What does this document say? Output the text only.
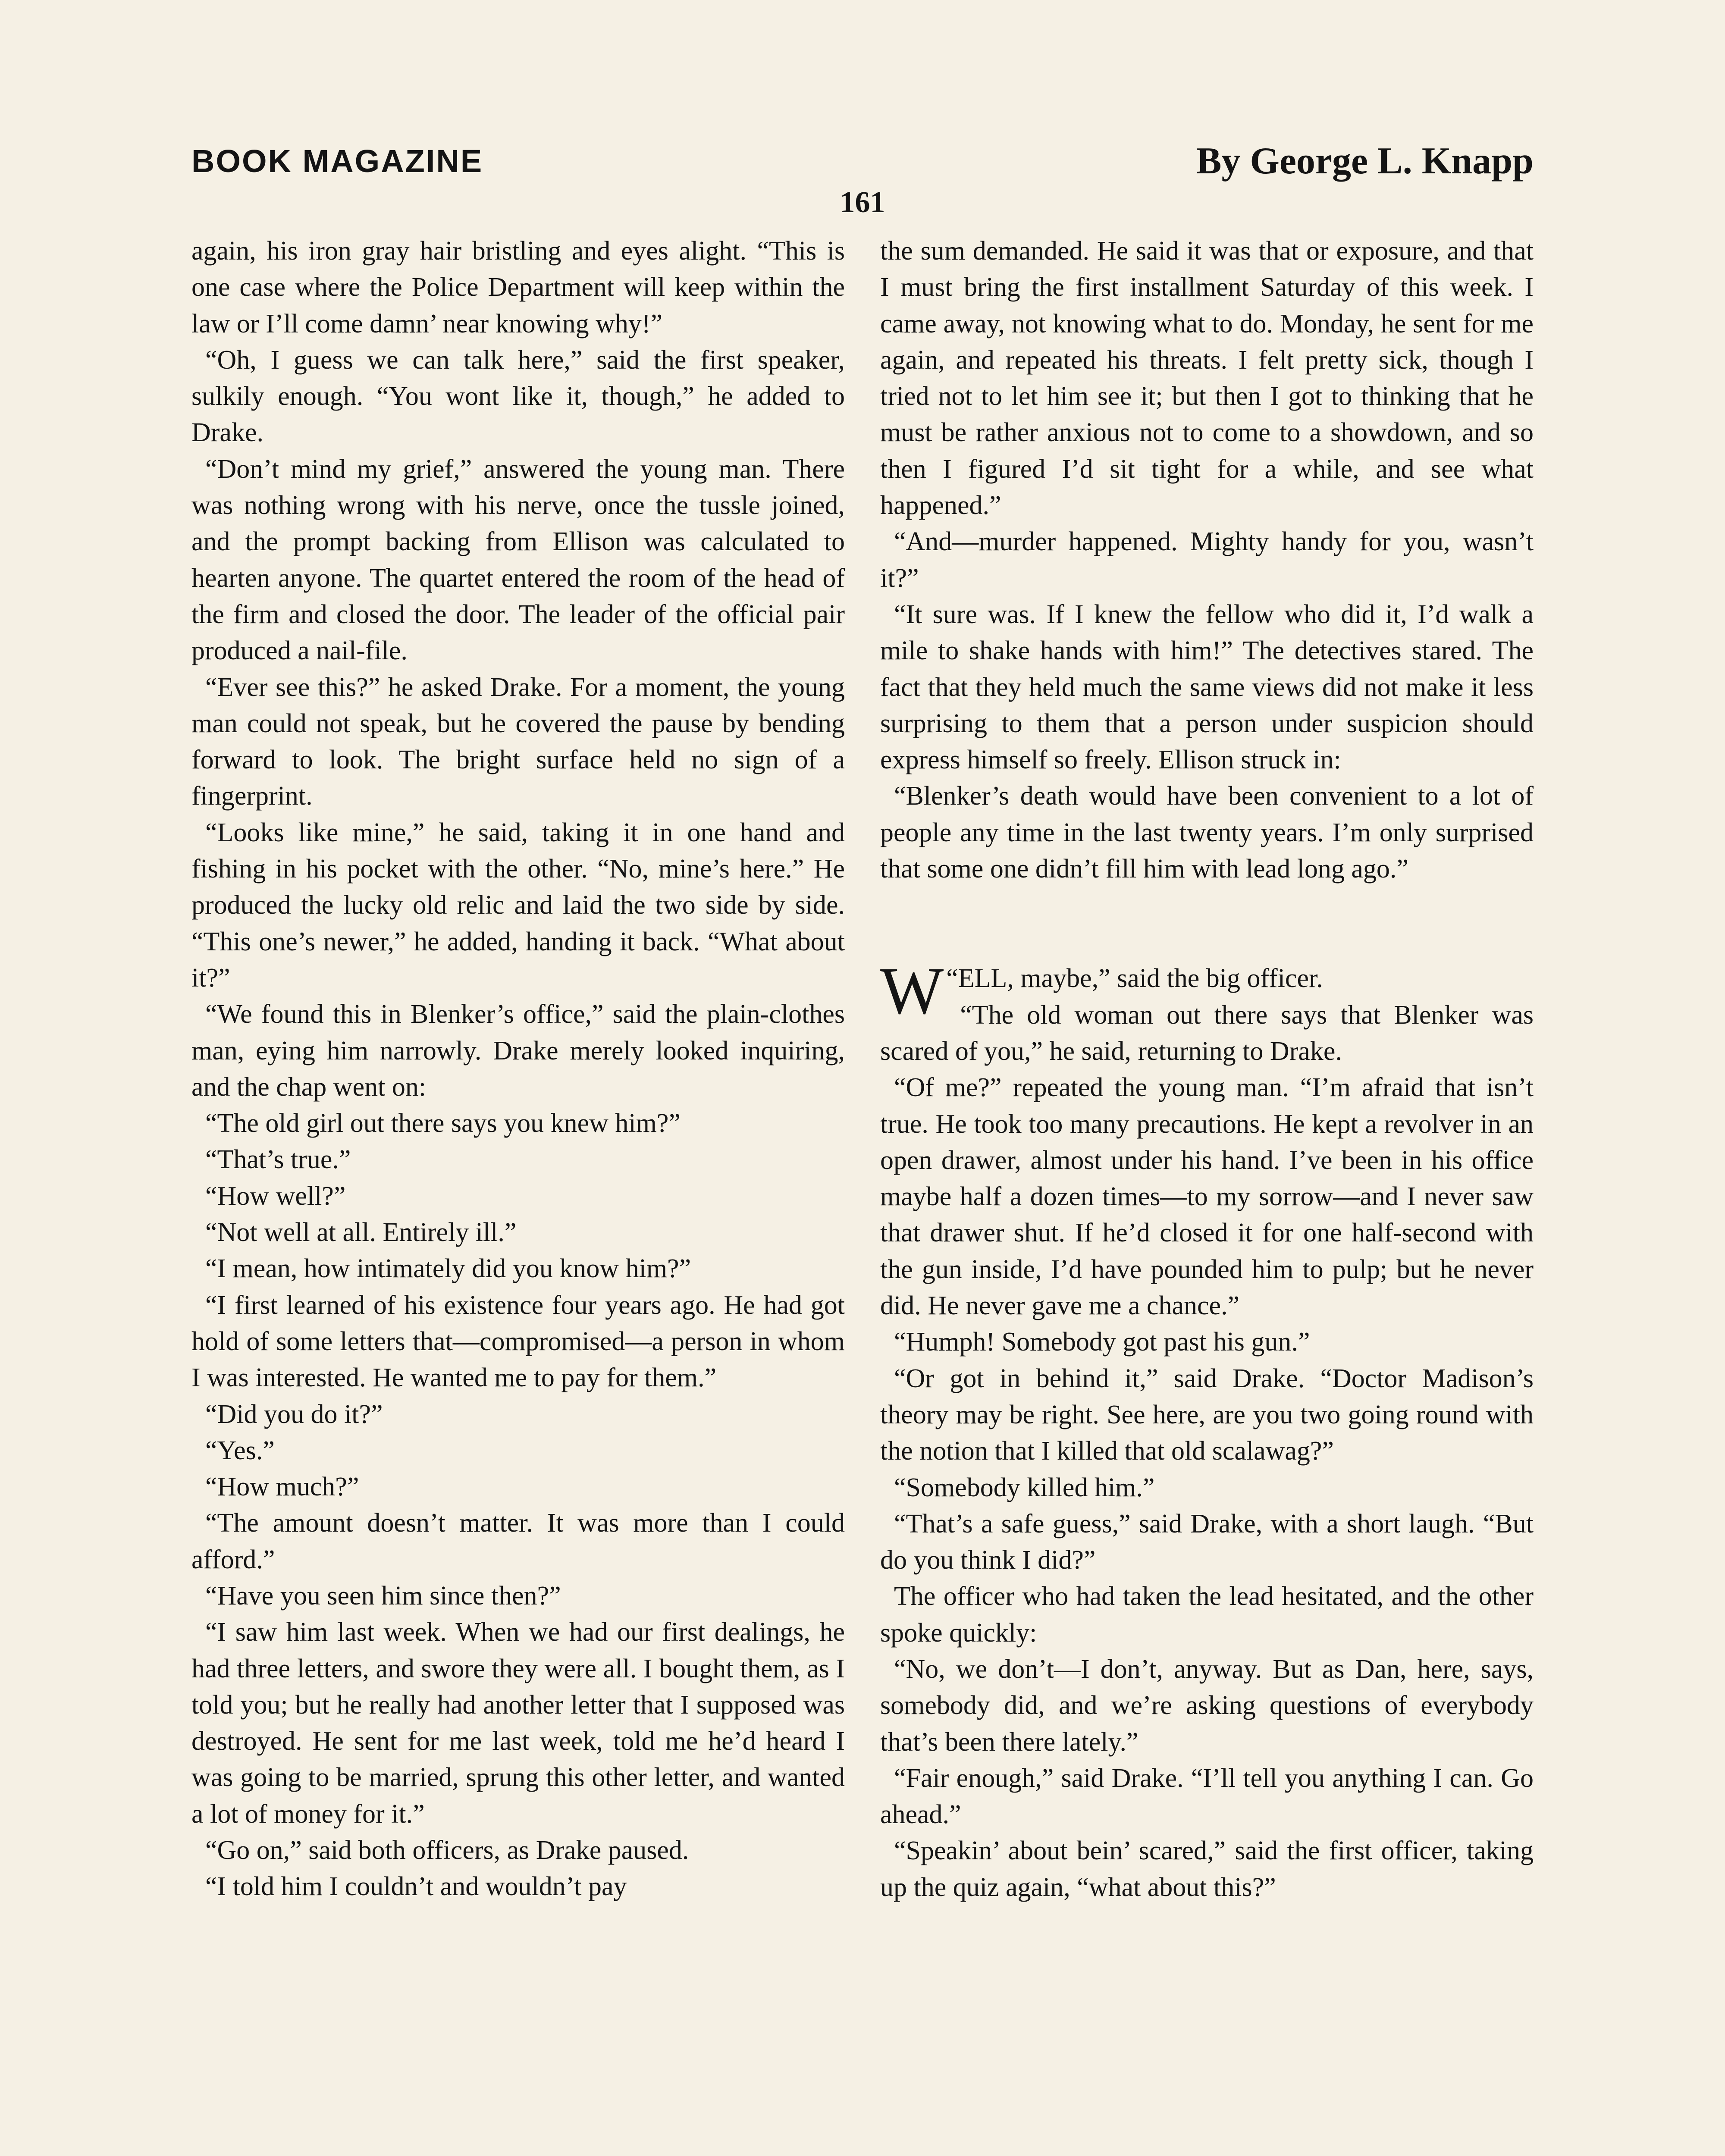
BOOK MAGAZINE	By George L. Knapp
161

again, his iron gray hair bristling and eyes alight. “This is one case where the Police Department will keep within the law or I’ll come damn’ near knowing why!”

“Oh, I guess we can talk here,” said the first speaker, sulkily enough. “You wont like it, though,” he added to Drake.

“Don’t mind my grief,” answered the young man. There was nothing wrong with his nerve, once the tussle joined, and the prompt backing from Ellison was calculated to hearten anyone. The quartet entered the room of the head of the firm and closed the door. The leader of the official pair produced a nail-file.

“Ever see this?” he asked Drake. For a moment, the young man could not speak, but he covered the pause by bending forward to look. The bright surface held no sign of a fingerprint.

“Looks like mine,” he said, taking it in one hand and fishing in his pocket with the other. “No, mine’s here.” He produced the lucky old relic and laid the two side by side. “This one’s newer,” he added, handing it back. “What about it?”

“We found this in Blenker’s office,” said the plain-clothes man, eying him narrowly. Drake merely looked inquiring, and the chap went on:

“The old girl out there says you knew him?”

“That’s true.”

“How well?”

“Not well at all. Entirely ill.”

“I mean, how intimately did you know him?”

“I first learned of his existence four years ago. He had got hold of some letters that—compromised—a person in whom I was interested. He wanted me to pay for them.”

“Did you do it?”

“Yes.”

“How much?”

“The amount doesn’t matter. It was more than I could afford.”

“Have you seen him since then?”

“I saw him last week. When we had our first dealings, he had three letters, and swore they were all. I bought them, as I told you; but he really had another letter that I supposed was destroyed. He sent for me last week, told me he’d heard I was going to be married, sprung this other letter, and wanted a lot of money for it.”

“Go on,” said both officers, as Drake paused.

“I told him I couldn’t and wouldn’t pay

the sum demanded. He said it was that or exposure, and that I must bring the first installment Saturday of this week. I came away, not knowing what to do. Monday, he sent for me again, and repeated his threats. I felt pretty sick, though I tried not to let him see it; but then I got to thinking that he must be rather anxious not to come to a showdown, and so then I figured I’d sit tight for a while, and see what happened.”

“And—murder happened. Mighty handy for you, wasn’t it?”

“It sure was. If I knew the fellow who did it, I’d walk a mile to shake hands with him!” The detectives stared. The fact that they held much the same views did not make it less surprising to them that a person under suspicion should express himself so freely. Ellison struck in:

“Blenker’s death would have been convenient to a lot of people any time in the last twenty years. I’m only surprised that some one didn’t fill him with lead long ago.”

“
W ELL, maybe,” said the big officer.

“The old woman out there says that Blenker was scared of you,” he said, returning to Drake.

“Of me?” repeated the young man. “I’m afraid that isn’t true. He took too many precautions. He kept a revolver in an open drawer, almost under his hand. I’ve been in his office maybe half a dozen times—to my sorrow—and I never saw that drawer shut. If he’d closed it for one half-second with the gun inside, I’d have pounded him to pulp; but he never did. He never gave me a chance.”

“Humph! Somebody got past his gun.”

“Or got in behind it,” said Drake. “Doctor Madison’s theory may be right. See here, are you two going round with the notion that I killed that old scalawag?”

“Somebody killed him.”

“That’s a safe guess,” said Drake, with a short laugh. “But do you think I did?”

The officer who had taken the lead hesitated, and the other spoke quickly:

“No, we don’t—I don’t, anyway. But as Dan, here, says, somebody did, and we’re asking questions of everybody that’s been there lately.”

“Fair enough,” said Drake. “I’ll tell you anything I can. Go ahead.”

“Speakin’ about bein’ scared,” said the first officer, taking up the quiz again, “what about this?”
